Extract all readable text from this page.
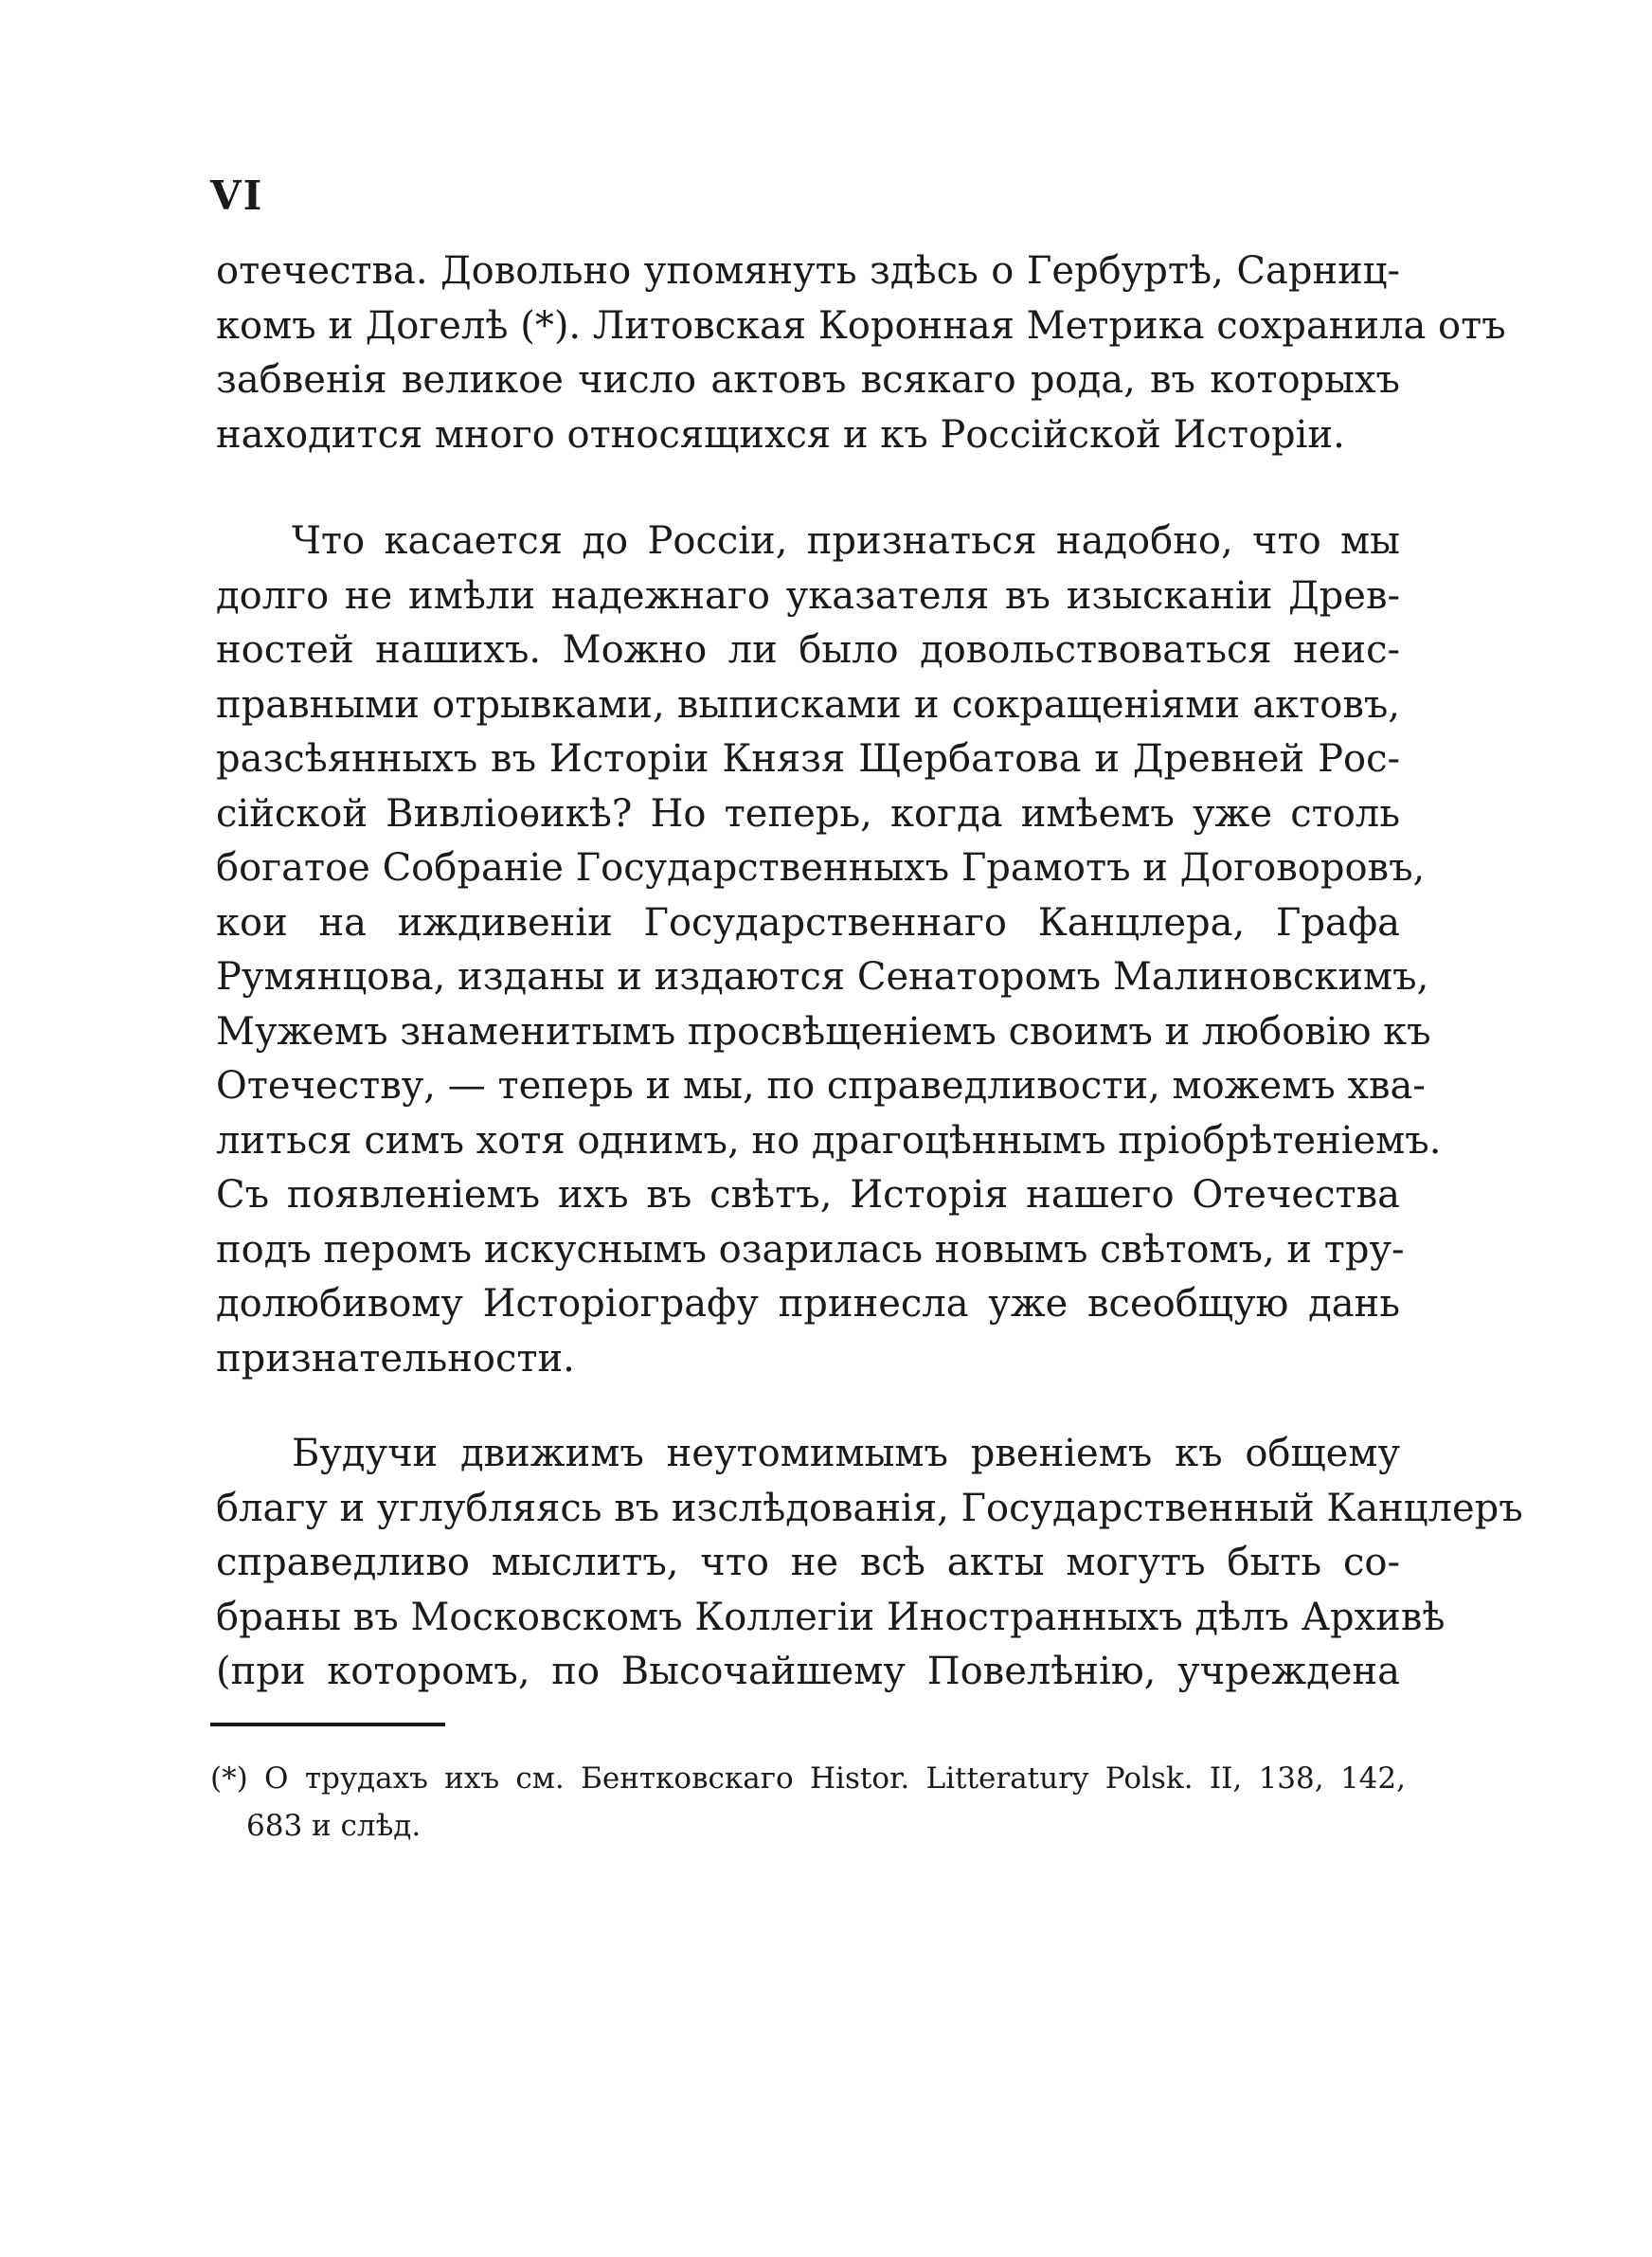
VI
отечества. Довольно упомянуть здѣсь о Гербуртѣ, Сарниц-
комъ и Догелѣ (*). Литовская Коронная Метрика сохранила отъ
забвенія великое число актовъ всякаго рода, въ которыхъ
находится много относящихся и къ Россійской Исторіи.
Что касается до Россіи, признаться надобно, что мы
долго не имѣли надежнаго указателя въ изысканіи Древ-
ностей нашихъ. Можно ли было довольствоваться неис-
правными отрывками, выписками и сокращеніями актовъ,
разсѣянныхъ въ Исторіи Князя Щербатова и Древней Рос-
сійской Вивліоѳикѣ? Но теперь, когда имѣемъ уже столь
богатое Собраніе Государственныхъ Грамотъ и Договоровъ,
кои на иждивеніи Государственнаго Канцлера, Графа
Румянцова, изданы и издаются Сенаторомъ Малиновскимъ,
Мужемъ знаменитымъ просвѣщеніемъ своимъ и любовію къ
Отечеству, — теперь и мы, по справедливости, можемъ хва-
литься симъ хотя однимъ, но драгоцѣннымъ пріобрѣтеніемъ.
Съ появленіемъ ихъ въ свѣтъ, Исторія нашего Отечества
подъ перомъ искуснымъ озарилась новымъ свѣтомъ, и тру-
долюбивому Исторіографу принесла уже всеобщую дань
признательности.
Будучи движимъ неутомимымъ рвеніемъ къ общему
благу и углубляясь въ изслѣдованія, Государственный Канцлеръ
справедливо мыслитъ, что не всѣ акты могутъ быть со-
браны въ Московскомъ Коллегіи Иностранныхъ дѣлъ Архивѣ
(при которомъ, по Высочайшему Повелѣнію, учреждена
(*) О трудахъ ихъ см. Бентковскаго Histor. Litteratury Polsk. II, 138, 142,
683 и слѣд.
